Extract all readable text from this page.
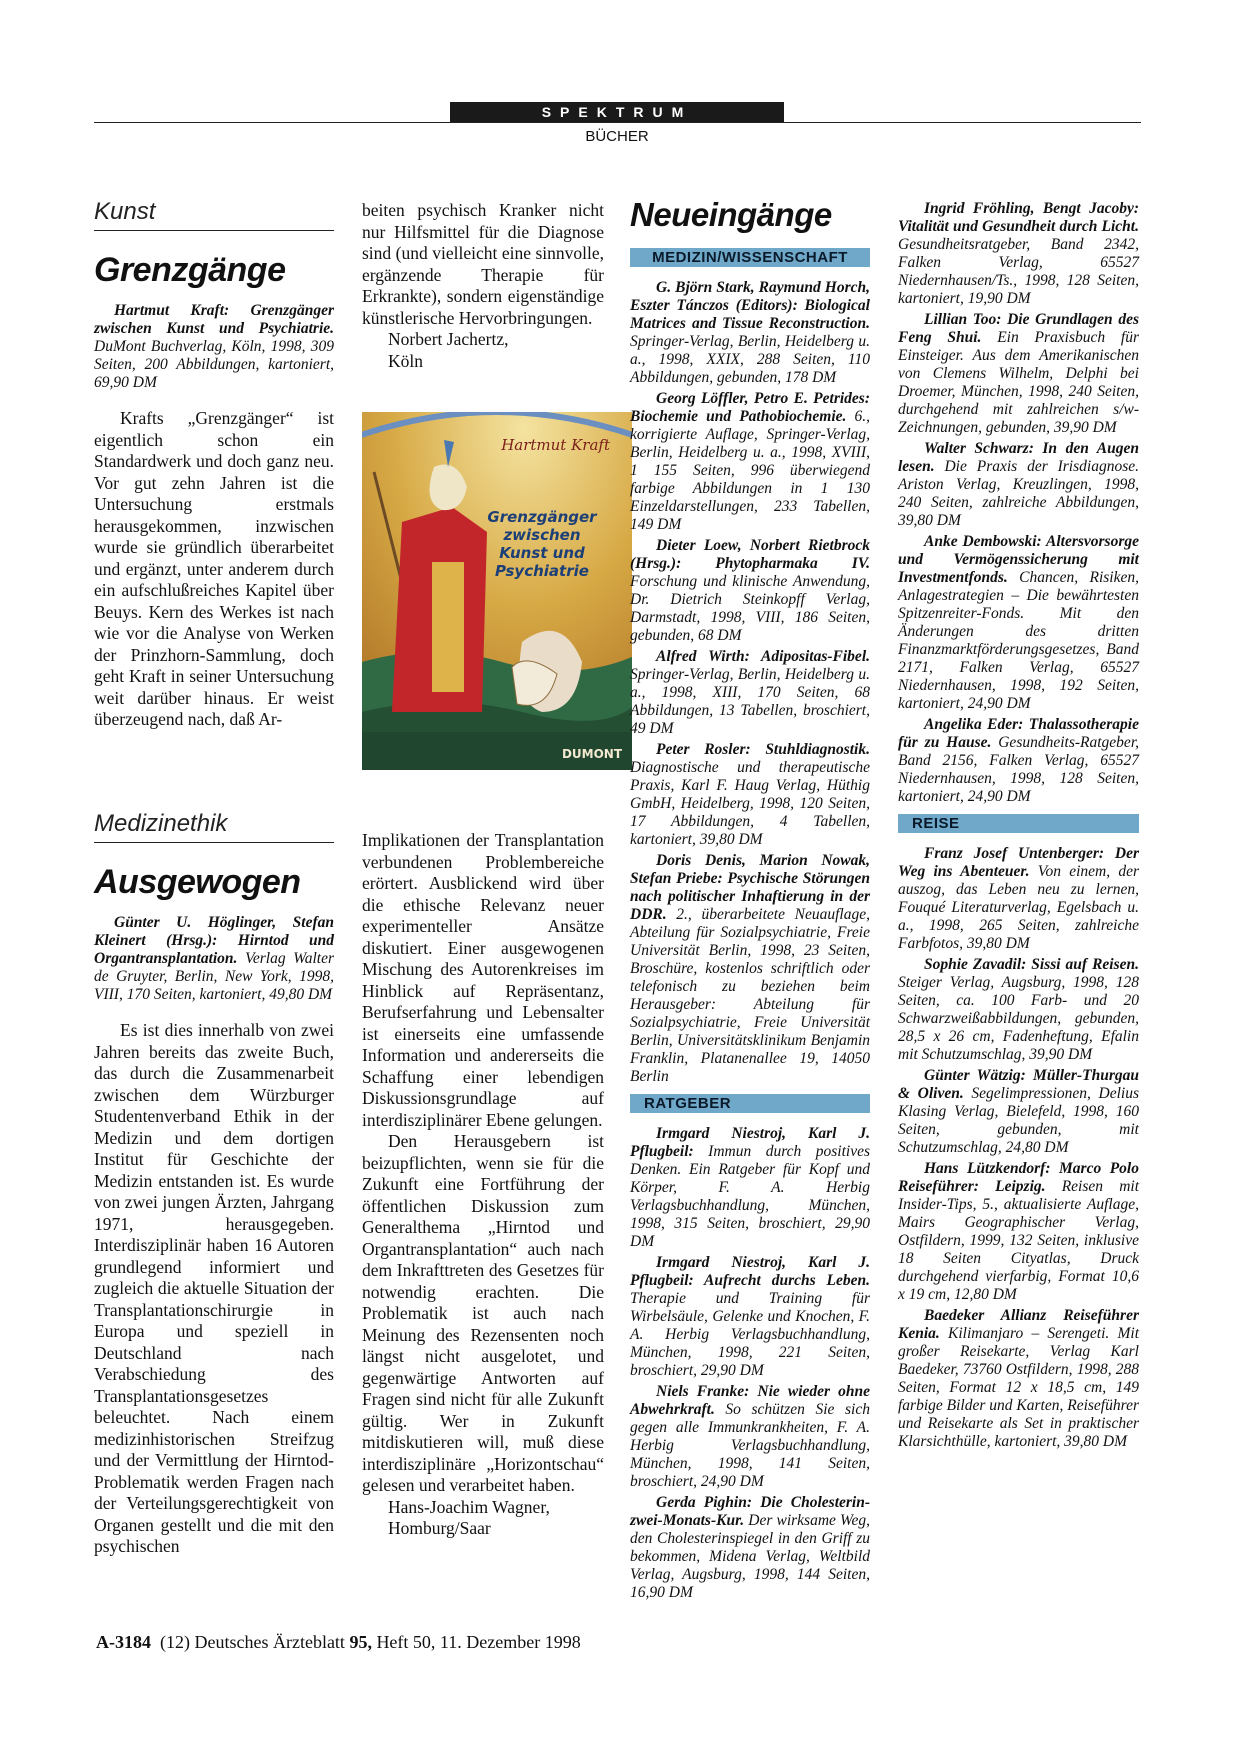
SPEKTRUM
BÜCHER
Kunst
Grenzgänge

Hartmut Kraft: Grenzgänger zwischen Kunst und Psychiatrie. DuMont Buchverlag, Köln, 1998, 309 Seiten, 200 Abbildungen, kartoniert, 69,90 DM

Krafts „Grenzgänger“ ist eigentlich schon ein Standardwerk und doch ganz neu. Vor gut zehn Jahren ist die Untersuchung erstmals herausgekommen, inzwischen wurde sie gründlich überarbeitet und ergänzt, unter anderem durch ein aufschlußreiches Kapitel über Beuys. Kern des Werkes ist nach wie vor die Analyse von Werken der Prinzhorn-Sammlung, doch geht Kraft in seiner Untersuchung weit darüber hinaus. Er weist überzeugend nach, daß Ar-

Medizinethik
Ausgewogen

Günter U. Höglinger, Stefan Kleinert (Hrsg.): Hirntod und Organtransplantation. Verlag Walter de Gruyter, Berlin, New York, 1998, VIII, 170 Seiten, kartoniert, 49,80 DM

Es ist dies innerhalb von zwei Jahren bereits das zweite Buch, das durch die Zusammenarbeit zwischen dem Würzburger Studentenverband Ethik in der Medizin und dem dortigen Institut für Geschichte der Medizin entstanden ist. Es wurde von zwei jungen Ärzten, Jahrgang 1971, herausgegeben. Interdisziplinär haben 16 Autoren grundlegend informiert und zugleich die aktuelle Situation der Transplantationschirurgie in Europa und speziell in Deutschland nach Verabschiedung des Transplantationsgesetzes beleuchtet. Nach einem medizinhistorischen Streifzug und der Vermittlung der Hirntod-Problematik werden Fragen nach der Verteilungsgerechtigkeit von Organen gestellt und die mit den psychischen

beiten psychisch Kranker nicht nur Hilfsmittel für die Diagnose sind (und vielleicht eine sinnvolle, ergänzende Therapie für Erkrankte), sondern eigenständige künstlerische Hervorbringungen.

Norbert Jachertz,

Köln

Hartmut Kraft
Grenzgänger
zwischen
Kunst und
Psychiatrie
DUMONT

Implikationen der Transplantation verbundenen Problembereiche erörtert. Ausblickend wird über die ethische Relevanz neuer experimenteller Ansätze diskutiert. Einer ausgewogenen Mischung des Autorenkreises im Hinblick auf Repräsentanz, Berufserfahrung und Lebensalter ist einerseits eine umfassende Information und andererseits die Schaffung einer lebendigen Diskussionsgrundlage auf interdisziplinärer Ebene gelungen.

Den Herausgebern ist beizupflichten, wenn sie für die Zukunft eine Fortführung der öffentlichen Diskussion zum Generalthema „Hirntod und Organtransplantation“ auch nach dem Inkrafttreten des Gesetzes für notwendig erachten. Die Problematik ist auch nach Meinung des Rezensenten noch längst nicht ausgelotet, und gegenwärtige Antworten auf Fragen sind nicht für alle Zukunft gültig. Wer in Zukunft mitdiskutieren will, muß diese interdisziplinäre „Horizontschau“ gelesen und verarbeitet haben.

Hans-Joachim Wagner,

Homburg/Saar

Neueingänge
MEDIZIN/WISSENSCHAFT

G. Björn Stark, Raymund Horch, Eszter Tánczos (Editors): Biological Matrices and Tissue Reconstruction. Springer-Verlag, Berlin, Heidelberg u. a., 1998, XXIX, 288 Seiten, 110 Abbildungen, gebunden, 178 DM

Georg Löffler, Petro E. Petrides: Biochemie und Pathobiochemie. 6., korrigierte Auflage, Springer-Verlag, Berlin, Heidelberg u. a., 1998, XVIII, 1 155 Seiten, 996 überwiegend farbige Abbildungen in 1 130 Einzeldarstellungen, 233 Tabellen, 149 DM

Dieter Loew, Norbert Rietbrock (Hrsg.): Phytopharmaka IV. Forschung und klinische Anwendung, Dr. Dietrich Steinkopff Verlag, Darmstadt, 1998, VIII, 186 Seiten, gebunden, 68 DM

Alfred Wirth: Adipositas-Fibel. Springer-Verlag, Berlin, Heidelberg u. a., 1998, XIII, 170 Seiten, 68 Abbildungen, 13 Tabellen, broschiert, 49 DM

Peter Rosler: Stuhldiagnostik. Diagnostische und therapeutische Praxis, Karl F. Haug Verlag, Hüthig GmbH, Heidelberg, 1998, 120 Seiten, 17 Abbildungen, 4 Tabellen, kartoniert, 39,80 DM

Doris Denis, Marion Nowak, Stefan Priebe: Psychische Störungen nach politischer Inhaftierung in der DDR. 2., überarbeitete Neuauflage, Abteilung für Sozialpsychiatrie, Freie Universität Berlin, 1998, 23 Seiten, Broschüre, kostenlos schriftlich oder telefonisch zu beziehen beim Herausgeber: Abteilung für Sozialpsychiatrie, Freie Universität Berlin, Universitätsklinikum Benjamin Franklin, Platanenallee 19, 14050 Berlin

RATGEBER

Irmgard Niestroj, Karl J. Pflugbeil: Immun durch positives Denken. Ein Ratgeber für Kopf und Körper, F. A. Herbig Verlagsbuchhandlung, München, 1998, 315 Seiten, broschiert, 29,90 DM

Irmgard Niestroj, Karl J. Pflugbeil: Aufrecht durchs Leben. Therapie und Training für Wirbelsäule, Gelenke und Knochen, F. A. Herbig Verlagsbuchhandlung, München, 1998, 221 Seiten, broschiert, 29,90 DM

Niels Franke: Nie wieder ohne Abwehrkraft. So schützen Sie sich gegen alle Immunkrankheiten, F. A. Herbig Verlagsbuchhandlung, München, 1998, 141 Seiten, broschiert, 24,90 DM

Gerda Pighin: Die Cholesterin-zwei-Monats-Kur. Der wirksame Weg, den Cholesterinspiegel in den Griff zu bekommen, Midena Verlag, Weltbild Verlag, Augsburg, 1998, 144 Seiten, 16,90 DM

Ingrid Fröhling, Bengt Jacoby: Vitalität und Gesundheit durch Licht. Gesundheitsratgeber, Band 2342, Falken Verlag, 65527 Niedernhausen/Ts., 1998, 128 Seiten, kartoniert, 19,90 DM

Lillian Too: Die Grundlagen des Feng Shui. Ein Praxisbuch für Einsteiger. Aus dem Amerikanischen von Clemens Wilhelm, Delphi bei Droemer, München, 1998, 240 Seiten, durchgehend mit zahlreichen s/w-Zeichnungen, gebunden, 39,90 DM

Walter Schwarz: In den Augen lesen. Die Praxis der Irisdiagnose. Ariston Verlag, Kreuzlingen, 1998, 240 Seiten, zahlreiche Abbildungen, 39,80 DM

Anke Dembowski: Altersvorsorge und Vermögenssicherung mit Investmentfonds. Chancen, Risiken, Anlagestrategien – Die bewährtesten Spitzenreiter-Fonds. Mit den Änderungen des dritten Finanzmarktförderungsgesetzes, Band 2171, Falken Verlag, 65527 Niedernhausen, 1998, 192 Seiten, kartoniert, 24,90 DM

Angelika Eder: Thalassotherapie für zu Hause. Gesundheits-Ratgeber, Band 2156, Falken Verlag, 65527 Niedernhausen, 1998, 128 Seiten, kartoniert, 24,90 DM

REISE

Franz Josef Untenberger: Der Weg ins Abenteuer. Von einem, der auszog, das Leben neu zu lernen, Fouqué Literaturverlag, Egelsbach u. a., 1998, 265 Seiten, zahlreiche Farbfotos, 39,80 DM

Sophie Zavadil: Sissi auf Reisen. Steiger Verlag, Augsburg, 1998, 128 Seiten, ca. 100 Farb- und 20 Schwarzweißabbildungen, gebunden, 28,5 x 26 cm, Fadenheftung, Efalin mit Schutzumschlag, 39,90 DM

Günter Wätzig: Müller-Thurgau & Oliven. Segelimpressionen, Delius Klasing Verlag, Bielefeld, 1998, 160 Seiten, gebunden, mit Schutzumschlag, 24,80 DM

Hans Lützkendorf: Marco Polo Reiseführer: Leipzig. Reisen mit Insider-Tips, 5., aktualisierte Auflage, Mairs Geographischer Verlag, Ostfildern, 1999, 132 Seiten, inklusive 18 Seiten Cityatlas, Druck durchgehend vierfarbig, Format 10,6 x 19 cm, 12,80 DM

Baedeker Allianz Reiseführer Kenia. Kilimanjaro – Serengeti. Mit großer Reisekarte, Verlag Karl Baedeker, 73760 Ostfildern, 1998, 288 Seiten, Format 12 x 18,5 cm, 149 farbige Bilder und Karten, Reiseführer und Reisekarte als Set in praktischer Klarsichthülle, kartoniert, 39,80 DM

A-3184 (12) Deutsches Ärzteblatt 95, Heft 50, 11. Dezember 1998
